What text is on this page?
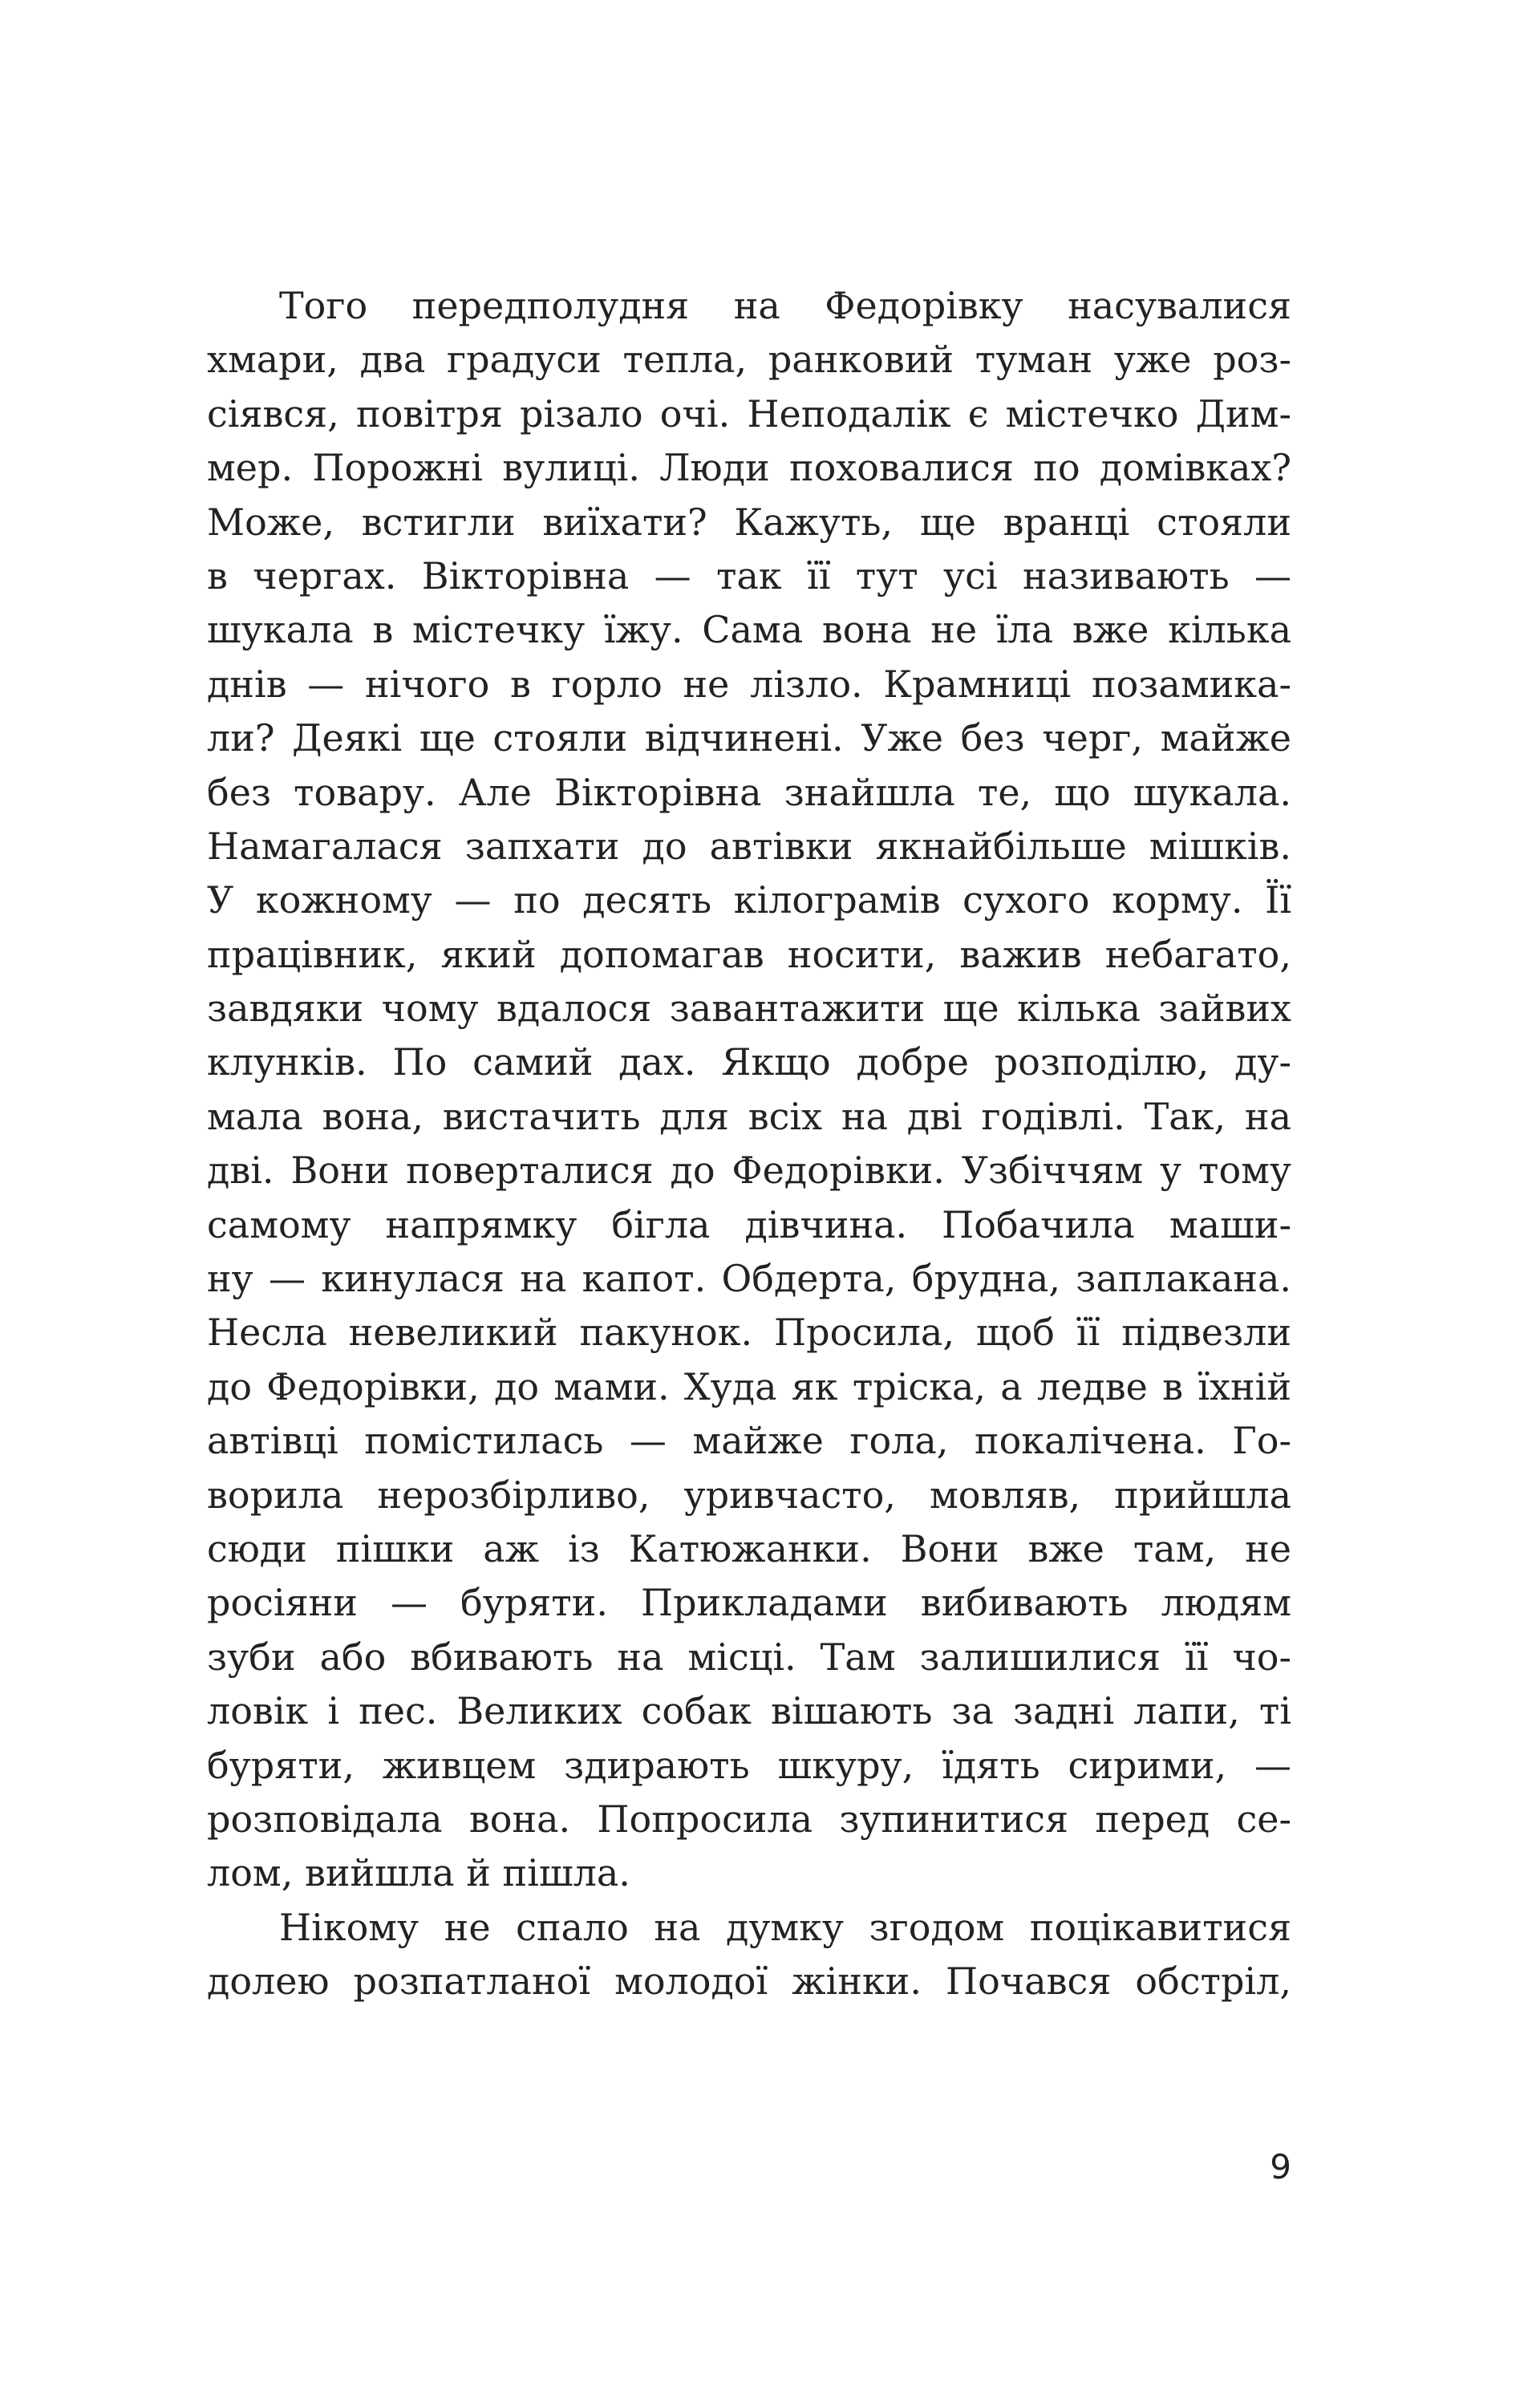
Того передполудня на Федорівку насувалися
хмари, два градуси тепла, ранковий туман уже роз-
сіявся, повітря різало очі. Неподалік є містечко Дим-
мер. Порожні вулиці. Люди поховалися по домівках?
Може, встигли виїхати? Кажуть, ще вранці стояли
в чергах. Вікторівна — так її тут усі називають —
шукала в містечку їжу. Сама вона не їла вже кілька
днів — нічого в горло не лізло. Крамниці позамика-
ли? Деякі ще стояли відчинені. Уже без черг, майже
без товару. Але Вікторівна знайшла те, що шукала.
Намагалася запхати до автівки якнайбільше мішків.
У кожному — по десять кілограмів сухого корму. Її
працівник, який допомагав носити, важив небагато,
завдяки чому вдалося завантажити ще кілька зайвих
клунків. По самий дах. Якщо добре розподілю, ду-
мала вона, вистачить для всіх на дві годівлі. Так, на
дві. Вони поверталися до Федорівки. Узбіччям у тому
самому напрямку бігла дівчина. Побачила маши-
ну — кинулася на капот. Обдерта, брудна, заплакана.
Несла невеликий пакунок. Просила, щоб її підвезли
до Федорівки, до мами. Худа як тріска, а ледве в їхній
автівці помістилась — майже гола, покалічена. Го-
ворила нерозбірливо, уривчасто, мовляв, прийшла
сюди пішки аж із Катюжанки. Вони вже там, не
росіяни — буряти. Прикладами вибивають людям
зуби або вбивають на місці. Там залишилися її чо-
ловік і пес. Великих собак вішають за задні лапи, ті
буряти, живцем здирають шкуру, їдять сирими, —
розповідала вона. Попросила зупинитися перед се-
лом, вийшла й пішла.
Нікому не спало на думку згодом поцікавитися
долею розпатланої молодої жінки. Почався обстріл,
9
